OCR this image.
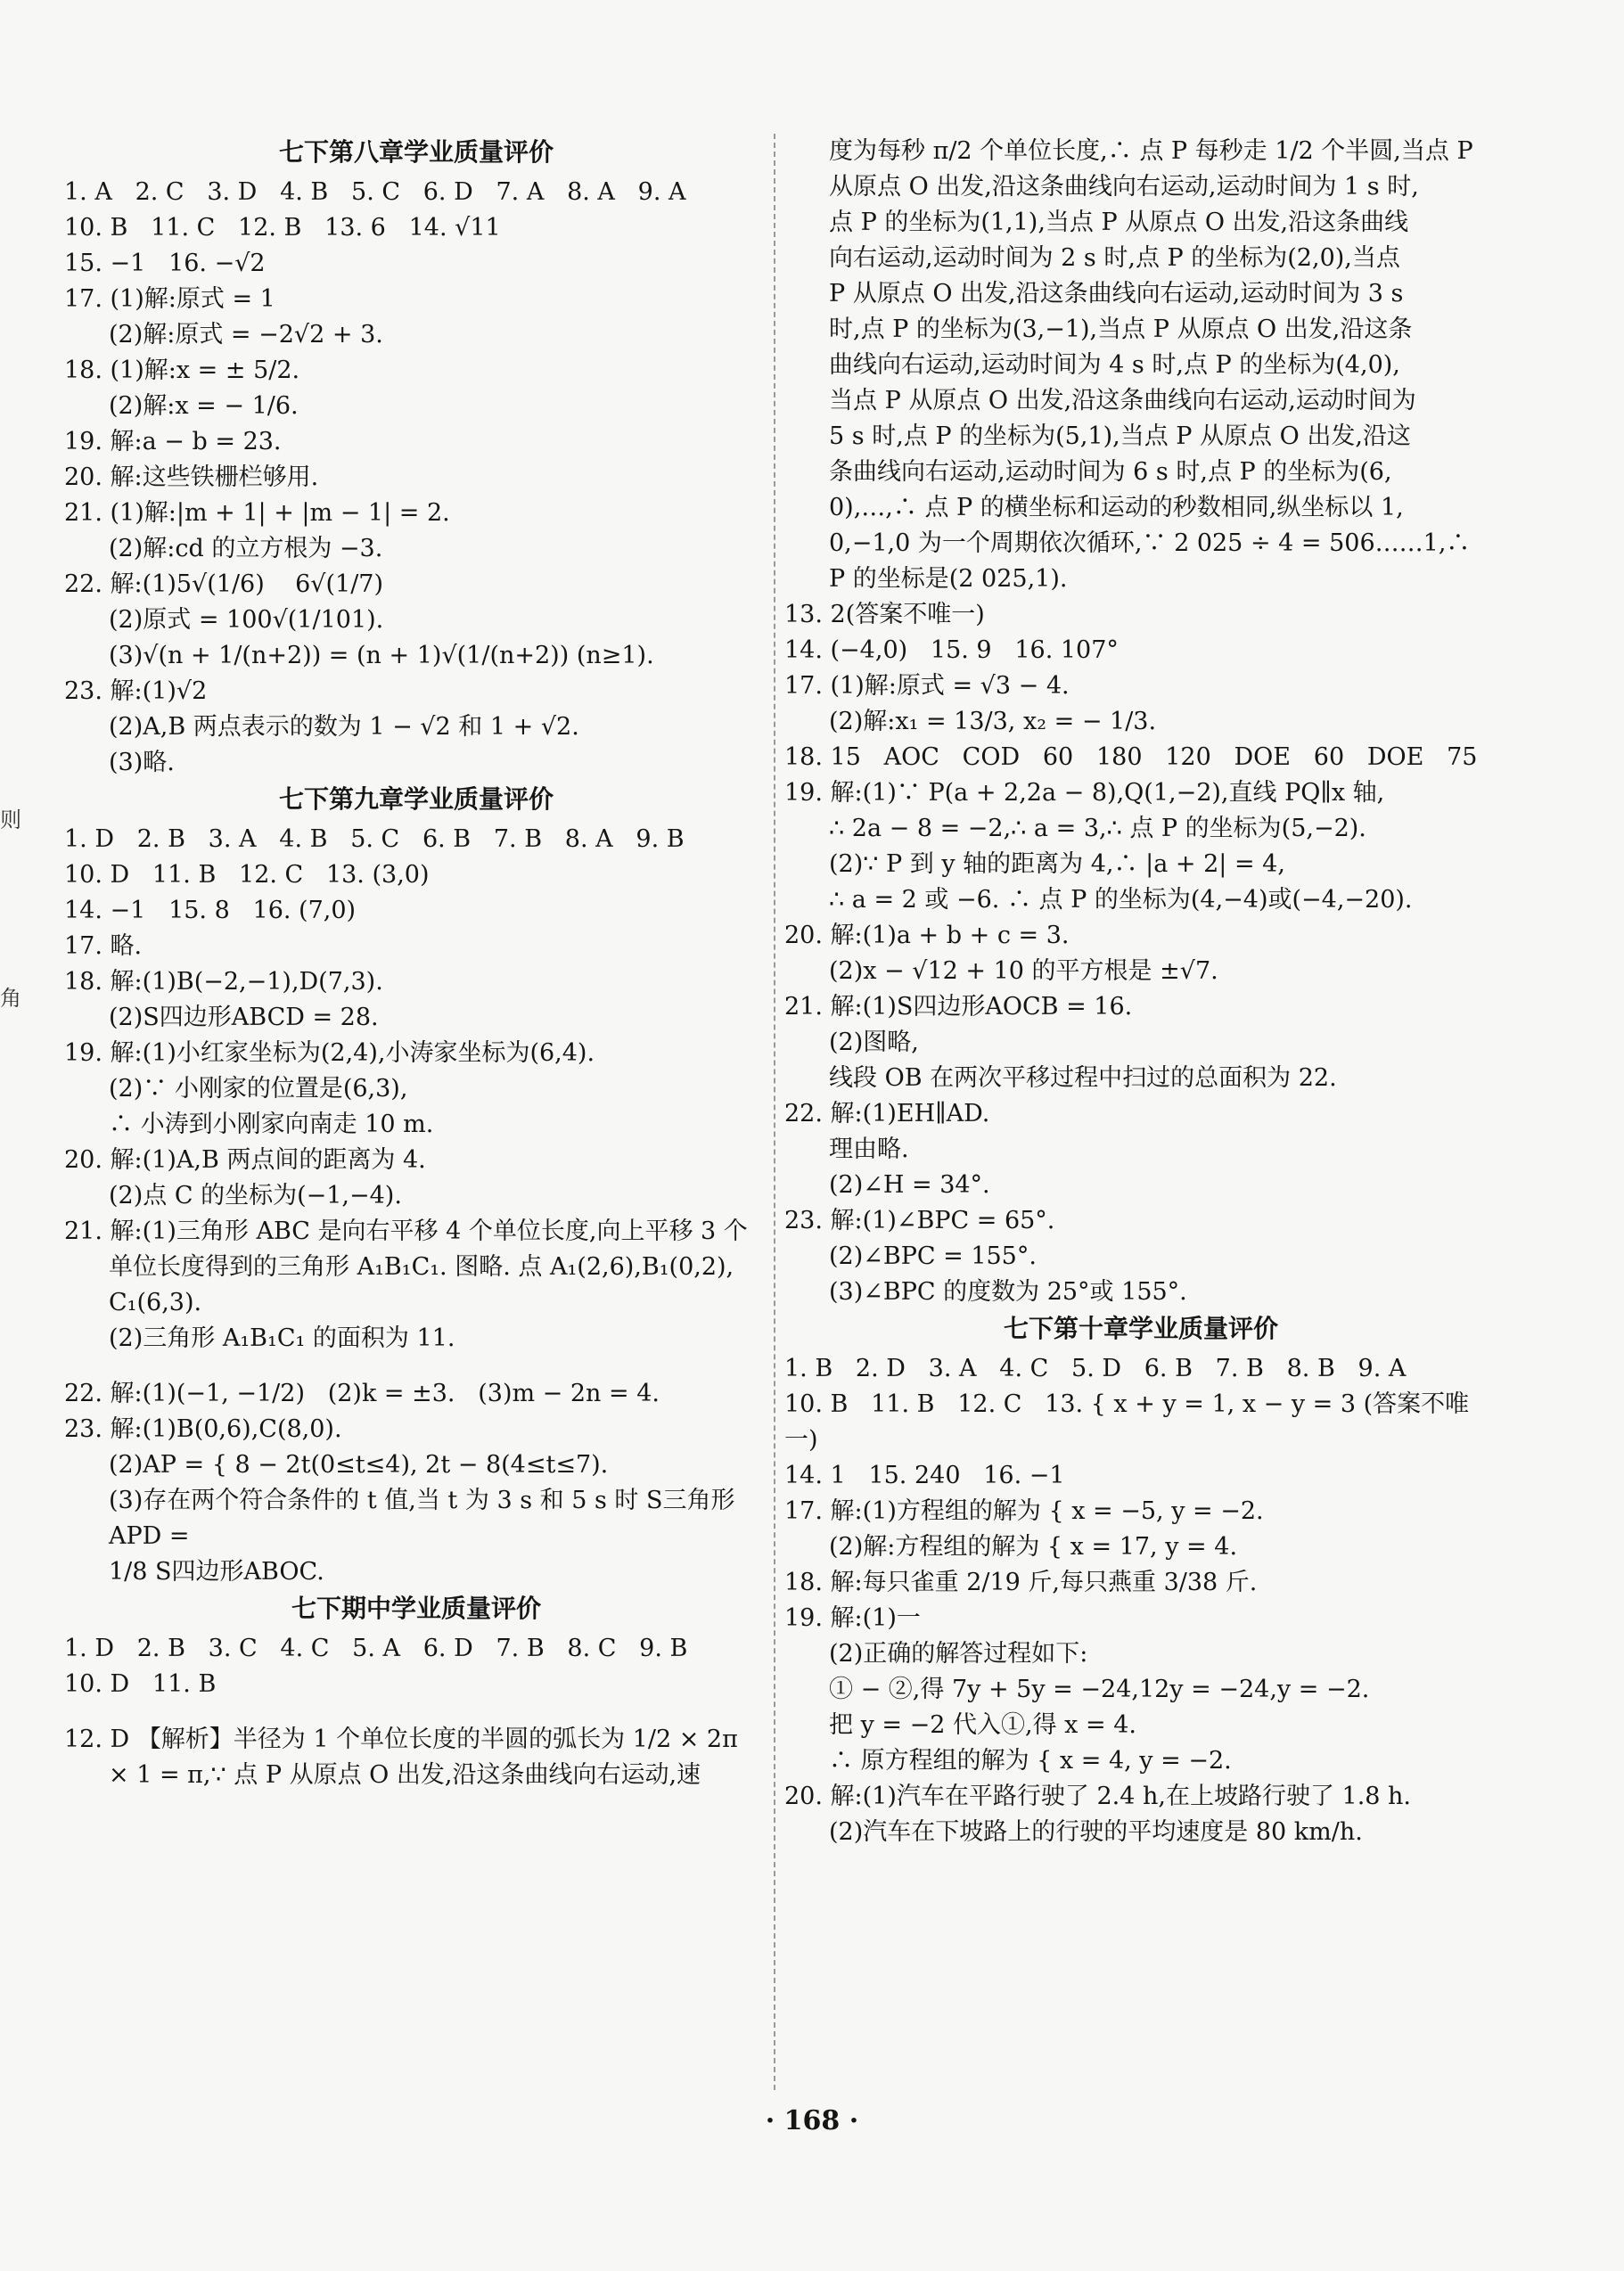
则
角
七下第八章学业质量评价
1. A   2. C   3. D   4. B   5. C   6. D   7. A   8. A   9. A
10. B   11. C   12. B   13. 6   14. √11
15. −1   16. −√2
17. (1)解:原式 = 1
(2)解:原式 = −2√2 + 3.
18. (1)解:x = ± 5/2.
(2)解:x = − 1/6.
19. 解:a − b = 23.
20. 解:这些铁栅栏够用.
21. (1)解:|m + 1| + |m − 1| = 2.
(2)解:cd 的立方根为 −3.
22. 解:(1)5√(1/6)    6√(1/7)
(2)原式 = 100√(1/101).
(3)√(n + 1/(n+2)) = (n + 1)√(1/(n+2)) (n≥1).
23. 解:(1)√2
(2)A,B 两点表示的数为 1 − √2 和 1 + √2.
(3)略.
七下第九章学业质量评价
1. D   2. B   3. A   4. B   5. C   6. B   7. B   8. A   9. B
10. D   11. B   12. C   13. (3,0)
14. −1   15. 8   16. (7,0)
17. 略.
18. 解:(1)B(−2,−1),D(7,3).
(2)S四边形ABCD = 28.
19. 解:(1)小红家坐标为(2,4),小涛家坐标为(6,4).
(2)∵ 小刚家的位置是(6,3),
∴ 小涛到小刚家向南走 10 m.
20. 解:(1)A,B 两点间的距离为 4.
(2)点 C 的坐标为(−1,−4).
21. 解:(1)三角形 ABC 是向右平移 4 个单位长度,向上平移 3 个
单位长度得到的三角形 A₁B₁C₁. 图略. 点 A₁(2,6),B₁(0,2),
C₁(6,3).
(2)三角形 A₁B₁C₁ 的面积为 11.
22. 解:(1)(−1, −1/2)   (2)k = ±3.   (3)m − 2n = 4.
23. 解:(1)B(0,6),C(8,0).
(2)AP = { 8 − 2t(0≤t≤4), 2t − 8(4≤t≤7).
(3)存在两个符合条件的 t 值,当 t 为 3 s 和 5 s 时 S三角形APD =
1/8 S四边形ABOC.
七下期中学业质量评价
1. D   2. B   3. C   4. C   5. A   6. D   7. B   8. C   9. B
10. D   11. B
12. D 【解析】半径为 1 个单位长度的半圆的弧长为 1/2 × 2π
× 1 = π,∵ 点 P 从原点 O 出发,沿这条曲线向右运动,速
度为每秒 π/2 个单位长度,∴ 点 P 每秒走 1/2 个半圆,当点 P
从原点 O 出发,沿这条曲线向右运动,运动时间为 1 s 时,
点 P 的坐标为(1,1),当点 P 从原点 O 出发,沿这条曲线
向右运动,运动时间为 2 s 时,点 P 的坐标为(2,0),当点
P 从原点 O 出发,沿这条曲线向右运动,运动时间为 3 s
时,点 P 的坐标为(3,−1),当点 P 从原点 O 出发,沿这条
曲线向右运动,运动时间为 4 s 时,点 P 的坐标为(4,0),
当点 P 从原点 O 出发,沿这条曲线向右运动,运动时间为
5 s 时,点 P 的坐标为(5,1),当点 P 从原点 O 出发,沿这
条曲线向右运动,运动时间为 6 s 时,点 P 的坐标为(6,
0),…,∴ 点 P 的横坐标和运动的秒数相同,纵坐标以 1,
0,−1,0 为一个周期依次循环,∵ 2 025 ÷ 4 = 506……1,∴
P 的坐标是(2 025,1).
13. 2(答案不唯一)
14. (−4,0)   15. 9   16. 107°
17. (1)解:原式 = √3 − 4.
(2)解:x₁ = 13/3, x₂ = − 1/3.
18. 15   AOC   COD   60   180   120   DOE   60   DOE   75
19. 解:(1)∵ P(a + 2,2a − 8),Q(1,−2),直线 PQ∥x 轴,
∴ 2a − 8 = −2,∴ a = 3,∴ 点 P 的坐标为(5,−2).
(2)∵ P 到 y 轴的距离为 4,∴ |a + 2| = 4,
∴ a = 2 或 −6. ∴ 点 P 的坐标为(4,−4)或(−4,−20).
20. 解:(1)a + b + c = 3.
(2)x − √12 + 10 的平方根是 ±√7.
21. 解:(1)S四边形AOCB = 16.
(2)图略,
线段 OB 在两次平移过程中扫过的总面积为 22.
22. 解:(1)EH∥AD.
理由略.
(2)∠H = 34°.
23. 解:(1)∠BPC = 65°.
(2)∠BPC = 155°.
(3)∠BPC 的度数为 25°或 155°.
七下第十章学业质量评价
1. B   2. D   3. A   4. C   5. D   6. B   7. B   8. B   9. A
10. B   11. B   12. C   13. { x + y = 1, x − y = 3 (答案不唯一)
14. 1   15. 240   16. −1
17. 解:(1)方程组的解为 { x = −5, y = −2.
(2)解:方程组的解为 { x = 17, y = 4.
18. 解:每只雀重 2/19 斤,每只燕重 3/38 斤.
19. 解:(1)一
(2)正确的解答过程如下:
① − ②,得 7y + 5y = −24,12y = −24,y = −2.
把 y = −2 代入①,得 x = 4.
∴ 原方程组的解为 { x = 4, y = −2.
20. 解:(1)汽车在平路行驶了 2.4 h,在上坡路行驶了 1.8 h.
(2)汽车在下坡路上的行驶的平均速度是 80 km/h.
· 168 ·
